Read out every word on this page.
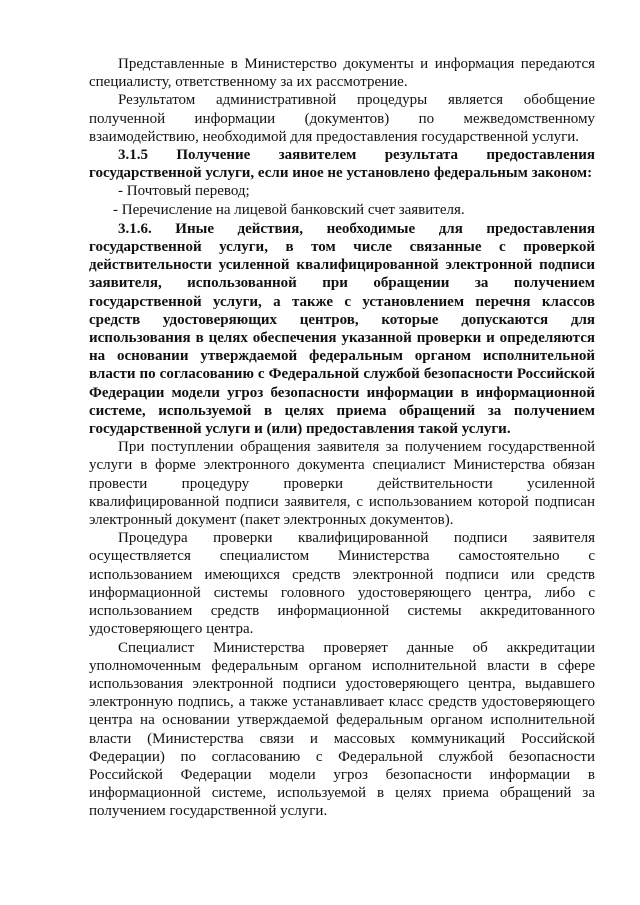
Представленные в Министерство документы и информация передаются специалисту, ответственному за их рассмотрение.

Результатом административной процедуры является обобщение полученной информации (документов) по межведомственному взаимодействию, необходимой для предоставления государственной услуги.

3.1.5 Получение заявителем результата предоставления государственной услуги, если иное не установлено федеральным законом:

- Почтовый перевод;

- Перечисление на лицевой банковский счет заявителя.

3.1.6. Иные действия, необходимые для предоставления государственной услуги, в том числе связанные с проверкой действительности усиленной квалифицированной электронной подписи заявителя, использованной при обращении за получением государственной услуги, а также с установлением перечня классов средств удостоверяющих центров, которые допускаются для использования в целях обеспечения указанной проверки и определяются на основании утверждаемой федеральным органом исполнительной власти по согласованию с Федеральной службой безопасности Российской Федерации модели угроз безопасности информации в информационной системе, используемой в целях приема обращений за получением государственной услуги и (или) предоставления такой услуги.

При поступлении обращения заявителя за получением государственной услуги в форме электронного документа специалист Министерства обязан провести процедуру проверки действительности усиленной квалифицированной подписи заявителя, с использованием которой подписан электронный документ (пакет электронных документов).

Процедура проверки квалифицированной подписи заявителя осуществляется специалистом Министерства самостоятельно с использованием имеющихся средств электронной подписи или средств информационной системы головного удостоверяющего центра, либо с использованием средств информационной системы аккредитованного удостоверяющего центра.

Специалист Министерства проверяет данные об аккредитации уполномоченным федеральным органом исполнительной власти в сфере использования электронной подписи удостоверяющего центра, выдавшего электронную подпись, а также устанавливает класс средств удостоверяющего центра на основании утверждаемой федеральным органом исполнительной власти (Министерства связи и массовых коммуникаций Российской Федерации) по согласованию с Федеральной службой безопасности Российской Федерации модели угроз безопасности информации в информационной системе, используемой в целях приема обращений за получением государственной услуги.
